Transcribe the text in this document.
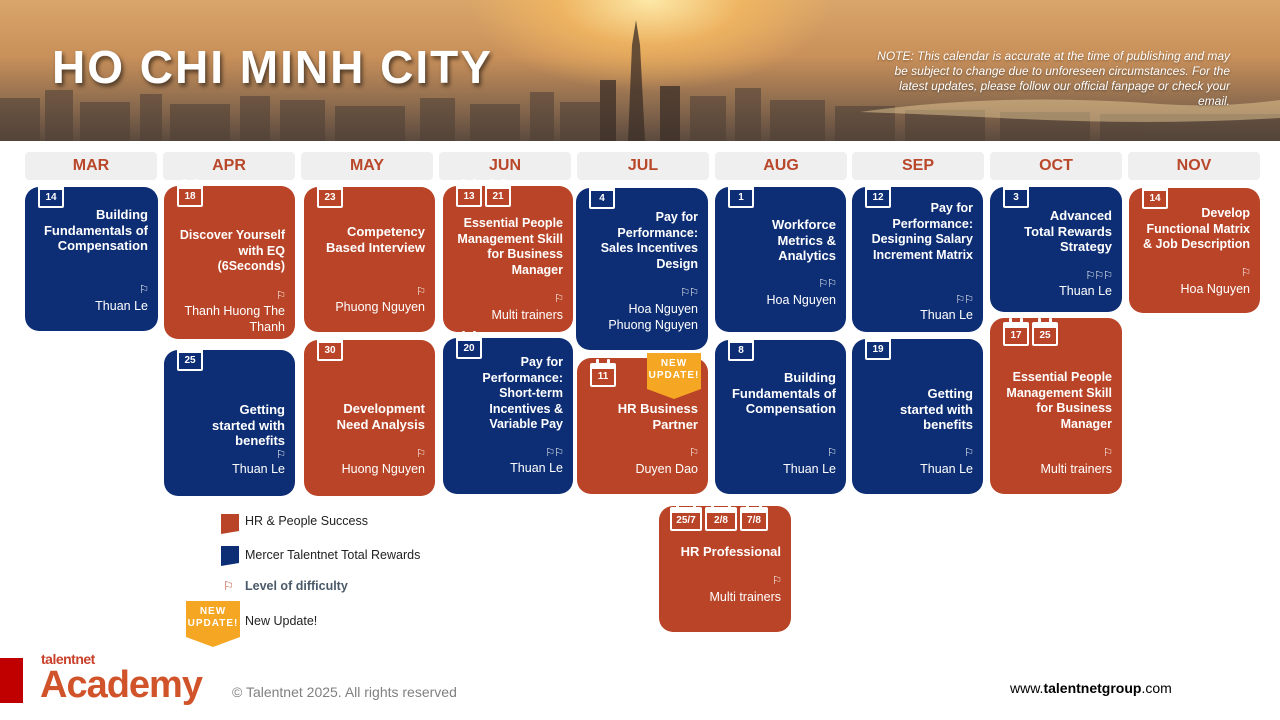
HO CHI MINH CITY	NOTE: This calendar is accurate at the time of publishing and may be subject to change due to unforeseen circumstances. For the latest updates, please follow our official fanpage or check your email.
MAR	APR	MAY	JUN	JUL	AUG	SEP	OCT	NOV
14
Building Fundamentals of Compensation
⚐
Thuan Le
18
Discover Yourself with EQ (6Seconds)
⚐
Thanh Huong The Thanh
25
Getting started with benefits
⚐
Thuan Le
23
Competency Based Interview
⚐
Phuong Nguyen
30
Development Need Analysis
⚐
Huong Nguyen
13	21
Essential People Management Skill for Business Manager
⚐
Multi trainers
20
Pay for Performance: Short-term Incentives & Variable Pay
⚐⚐
Thuan Le
4
Pay for Performance: Sales Incentives Design
⚐⚐
Hoa Nguyen Phuong Nguyen
11
HR Business Partner
⚐
Duyen Dao
NEW UPDATE!
25/7	2/8	7/8
HR Professional
⚐
Multi trainers
1
Workforce Metrics & Analytics
⚐⚐
Hoa Nguyen
8
Building Fundamentals of Compensation
⚐
Thuan Le
12
Pay for Performance: Designing Salary Increment Matrix
⚐⚐
Thuan Le
19
Getting started with benefits
⚐
Thuan Le
3
Advanced Total Rewards Strategy
⚐⚐⚐
Thuan Le
17	25
Essential People Management Skill for Business Manager
⚐
Multi trainers
14
Develop Functional Matrix & Job Description
⚐
Hoa Nguyen
HR & People Success
Mercer Talentnet Total Rewards
⚐ Level of difficulty
NEW UPDATE! New Update!
talentnet
Academy © Talentnet 2025. All rights reserved	www.talentnetgroup.com
